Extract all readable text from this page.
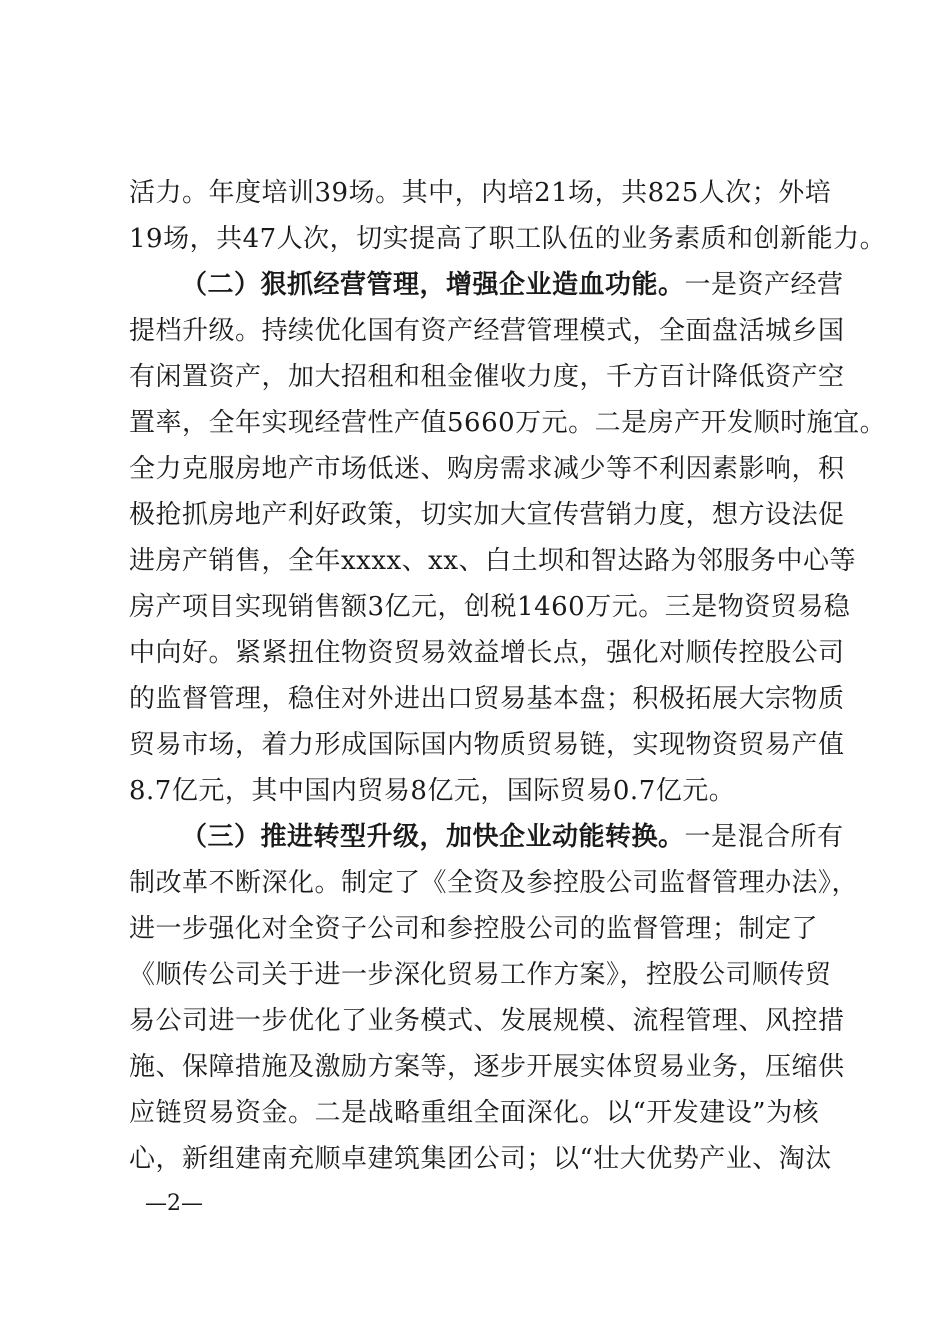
活力。年度培训39场。其中，内培21场，共825人次；外培
19场，共47人次，切实提高了职工队伍的业务素质和创新能力。
（二）狠抓经营管理，增强企业造血功能。一是资产经营
提档升级。持续优化国有资产经营管理模式，全面盘活城乡国
有闲置资产，加大招租和租金催收力度，千方百计降低资产空
置率，全年实现经营性产值5660万元。二是房产开发顺时施宜。
全力克服房地产市场低迷、购房需求减少等不利因素影响，积
极抢抓房地产利好政策，切实加大宣传营销力度，想方设法促
进房产销售，全年xxxx、xx、白土坝和智达路为邻服务中心等
房产项目实现销售额3亿元，创税1460万元。三是物资贸易稳
中向好。紧紧扭住物资贸易效益增长点，强化对顺传控股公司
的监督管理，稳住对外进出口贸易基本盘；积极拓展大宗物质
贸易市场，着力形成国际国内物质贸易链，实现物资贸易产值
8.7亿元，其中国内贸易8亿元，国际贸易0.7亿元。
（三）推进转型升级，加快企业动能转换。一是混合所有
制改革不断深化。制定了《全资及参控股公司监督管理办法》，
进一步强化对全资子公司和参控股公司的监督管理；制定了
《顺传公司关于进一步深化贸易工作方案》，控股公司顺传贸
易公司进一步优化了业务模式、发展规模、流程管理、风控措
施、保障措施及激励方案等，逐步开展实体贸易业务，压缩供
应链贸易资金。二是战略重组全面深化。以“开发建设”为核
心，新组建南充顺卓建筑集团公司；以“壮大优势产业、淘汰
—2—
